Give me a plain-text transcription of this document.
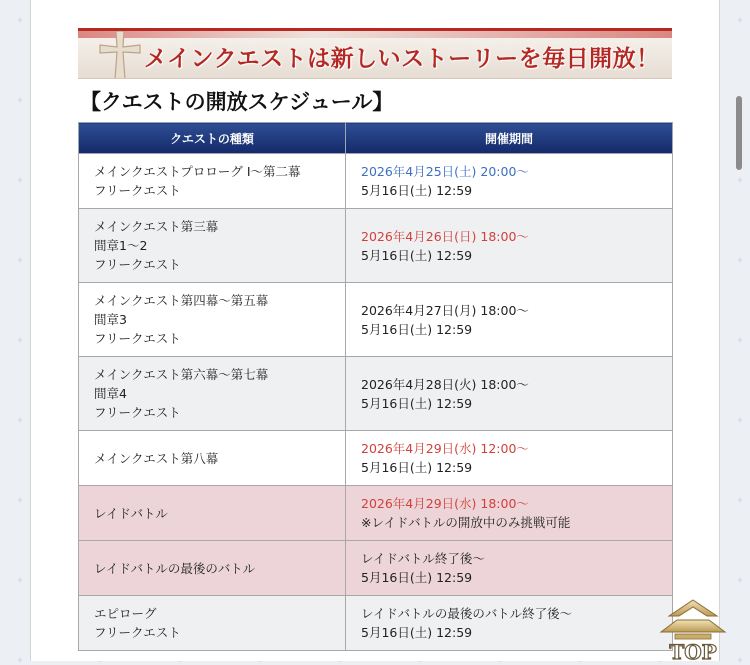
メインクエストは新しいストーリーを毎日開放！
【クエストの開放スケジュール】
クエストの種類	開催期間

メインクエストプロローグ Ⅰ～第二幕
フリークエスト	2026年4月25日(土) 20:00～
5月16日(土) 12:59

メインクエスト第三幕
間章1～2
フリークエスト	2026年4月26日(日) 18:00～
5月16日(土) 12:59

メインクエスト第四幕～第五幕
間章3
フリークエスト	2026年4月27日(月) 18:00～
5月16日(土) 12:59

メインクエスト第六幕～第七幕
間章4
フリークエスト	2026年4月28日(火) 18:00～
5月16日(土) 12:59

メインクエスト第八幕	2026年4月29日(水) 12:00～
5月16日(土) 12:59

レイドバトル	2026年4月29日(水) 18:00～
※レイドバトルの開放中のみ挑戦可能

レイドバトルの最後のバトル	レイドバトル終了後～
5月16日(土) 12:59

エピローグ
フリークエスト	レイドバトルの最後のバトル終了後～
5月16日(土) 12:59
TOP
